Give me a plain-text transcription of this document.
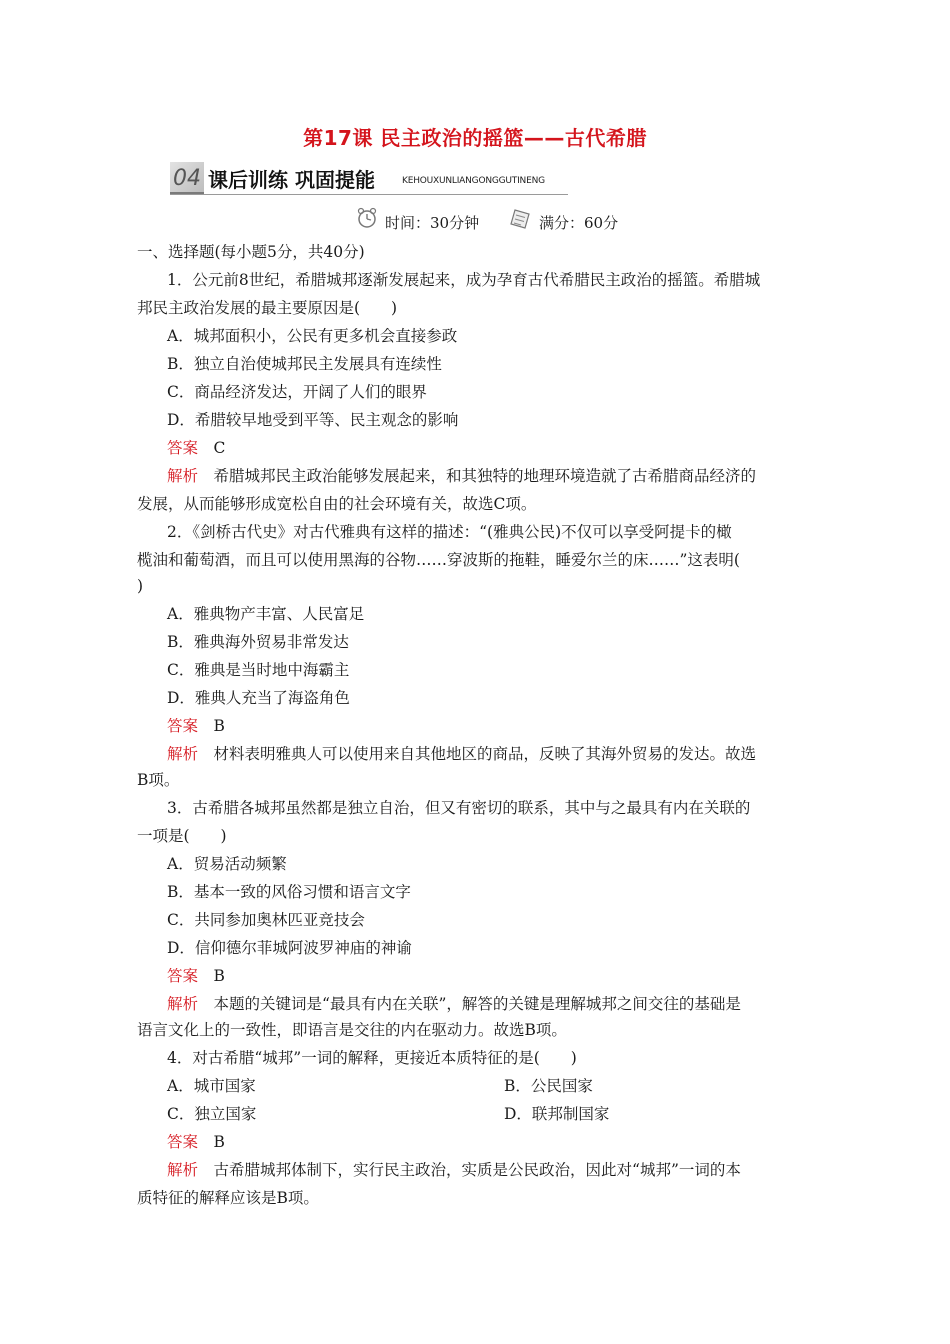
第17课 民主政治的摇篮——古代希腊
04 课后训练 巩固提能	KEHOUXUNLIANGONGGUTINENG
时间：30分钟	满分：60分
一、选择题(每小题5分，共40分)
1．公元前8世纪，希腊城邦逐渐发展起来，成为孕育古代希腊民主政治的摇篮。希腊城
邦民主政治发展的最主要原因是(　　)
A．城邦面积小，公民有更多机会直接参政
B．独立自治使城邦民主发展具有连续性
C．商品经济发达，开阔了人们的眼界
D．希腊较早地受到平等、民主观念的影响
答案　 C
解析　 希腊城邦民主政治能够发展起来，和其独特的地理环境造就了古希腊商品经济的
发展，从而能够形成宽松自由的社会环境有关，故选C项。
2．《剑桥古代史》对古代雅典有这样的描述：“(雅典公民)不仅可以享受阿提卡的橄
榄油和葡萄酒，而且可以使用黑海的谷物……穿波斯的拖鞋，睡爱尔兰的床……”这表明(
)
A．雅典物产丰富、人民富足
B．雅典海外贸易非常发达
C．雅典是当时地中海霸主
D．雅典人充当了海盗角色
答案　 B
解析　 材料表明雅典人可以使用来自其他地区的商品，反映了其海外贸易的发达。故选
B项。
3．古希腊各城邦虽然都是独立自治，但又有密切的联系，其中与之最具有内在关联的
一项是(　　)
A．贸易活动频繁
B．基本一致的风俗习惯和语言文字
C．共同参加奥林匹亚竞技会
D．信仰德尔菲城阿波罗神庙的神谕
答案　 B
解析　 本题的关键词是“最具有内在关联”，解答的关键是理解城邦之间交往的基础是
语言文化上的一致性，即语言是交往的内在驱动力。故选B项。
4．对古希腊“城邦”一词的解释，更接近本质特征的是(　　)
A．城市国家	B．公民国家
C．独立国家	D．联邦制国家
答案　 B
解析　 古希腊城邦体制下，实行民主政治，实质是公民政治，因此对“城邦”一词的本
质特征的解释应该是B项。
